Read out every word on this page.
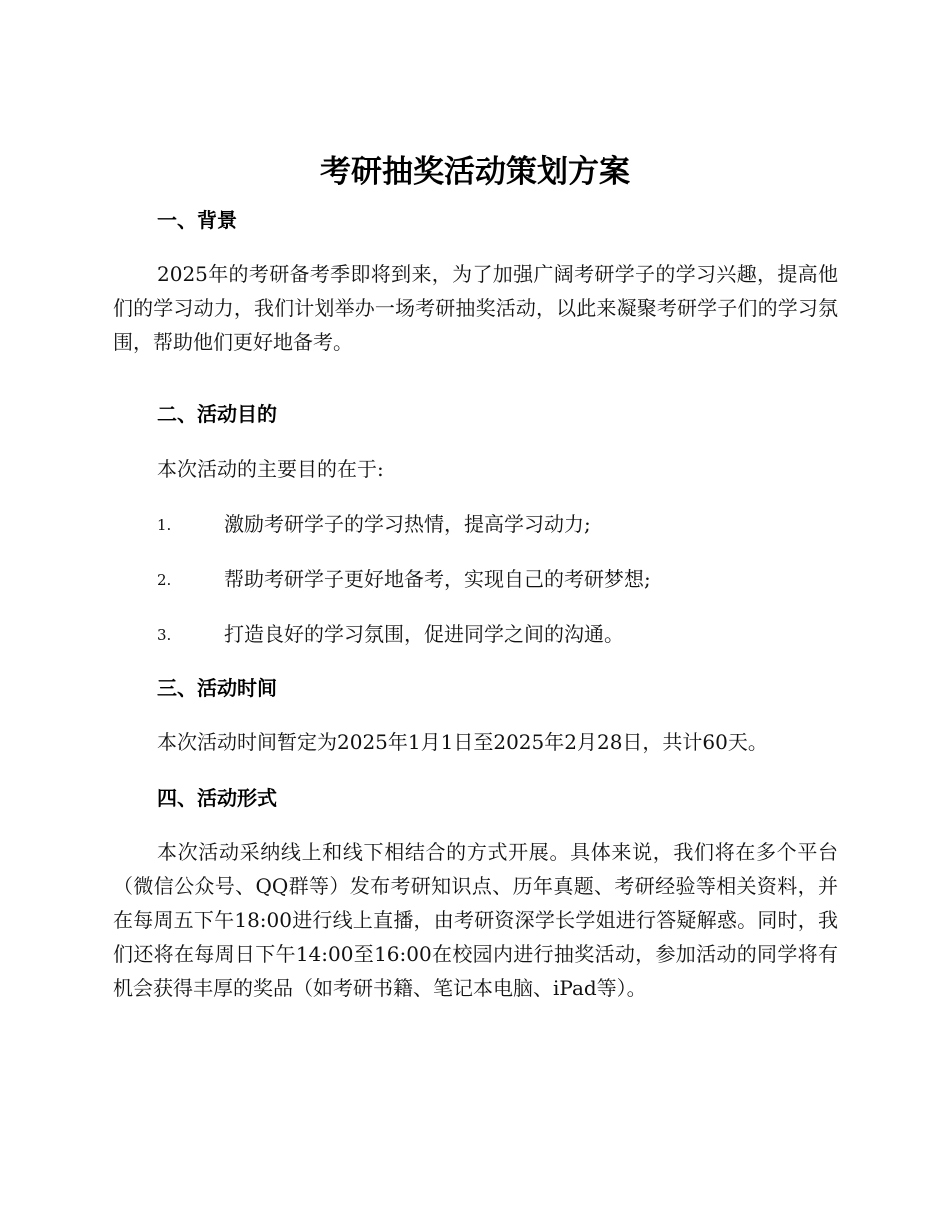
考研抽奖活动策划方案
一、背景
2025年的考研备考季即将到来，为了加强广阔考研学子的学习兴趣，提高他们的学习动力，我们计划举办一场考研抽奖活动，以此来凝聚考研学子们的学习氛围，帮助他们更好地备考。
二、活动目的
本次活动的主要目的在于:
1.	激励考研学子的学习热情，提高学习动力;
2.	帮助考研学子更好地备考，实现自己的考研梦想;
3.	打造良好的学习氛围，促进同学之间的沟通。
三、活动时间
本次活动时间暂定为2025年1月1日至2025年2月28日，共计60天。
四、活动形式
本次活动采纳线上和线下相结合的方式开展。具体来说，我们将在多个平台（微信公众号、QQ群等）发布考研知识点、历年真题、考研经验等相关资料，并在每周五下午18:00进行线上直播，由考研资深学长学姐进行答疑解惑。同时，我们还将在每周日下午14:00至16:00在校园内进行抽奖活动，参加活动的同学将有机会获得丰厚的奖品（如考研书籍、笔记本电脑、iPad等）。
